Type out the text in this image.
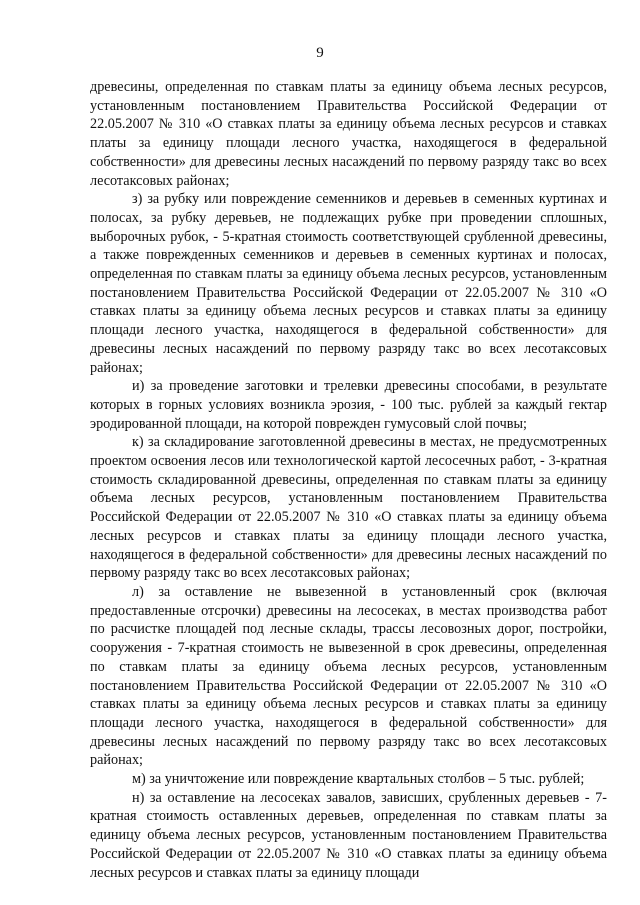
9

древесины, определенная по ставкам платы за единицу объема лесных ресурсов, установленным постановлением Правительства Российской Федерации от 22.05.2007 № 310 «О ставках платы за единицу объема лесных ресурсов и ставках платы за единицу площади лесного участка, находящегося в федеральной собственности» для древесины лесных насаждений по первому разряду такс во всех лесотаксовых районах;

з) за рубку или повреждение семенников и деревьев в семенных куртинах и полосах, за рубку деревьев, не подлежащих рубке при проведении сплошных, выборочных рубок, - 5-кратная стоимость соответствующей срубленной древесины, а также поврежденных семенников и деревьев в семенных куртинах и полосах, определенная по ставкам платы за единицу объема лесных ресурсов, установленным постановлением Правительства Российской Федерации от 22.05.2007 № 310 «О ставках платы за единицу объема лесных ресурсов и ставках платы за единицу площади лесного участка, находящегося в федеральной собственности» для древесины лесных насаждений по первому разряду такс во всех лесотаксовых районах;

и) за проведение заготовки и трелевки древесины способами, в результате которых в горных условиях возникла эрозия, - 100 тыс. рублей за каждый гектар эродированной площади, на которой поврежден гумусовый слой почвы;

к) за складирование заготовленной древесины в местах, не предусмотренных проектом освоения лесов или технологической картой лесосечных работ, - 3-кратная стоимость складированной древесины, определенная по ставкам платы за единицу объема лесных ресурсов, установленным постановлением Правительства Российской Федерации от 22.05.2007 № 310 «О ставках платы за единицу объема лесных ресурсов и ставках платы за единицу площади лесного участка, находящегося в федеральной собственности» для древесины лесных насаждений по первому разряду такс во всех лесотаксовых районах;

л) за оставление не вывезенной в установленный срок (включая предоставленные отсрочки) древесины на лесосеках, в местах производства работ по расчистке площадей под лесные склады, трассы лесовозных дорог, постройки, сооружения - 7-кратная стоимость не вывезенной в срок древесины, определенная по ставкам платы за единицу объема лесных ресурсов, установленным постановлением Правительства Российской Федерации от 22.05.2007 № 310 «О ставках платы за единицу объема лесных ресурсов и ставках платы за единицу площади лесного участка, находящегося в федеральной собственности» для древесины лесных насаждений по первому разряду такс во всех лесотаксовых районах;

м) за уничтожение или повреждение квартальных столбов – 5 тыс. рублей;

н) за оставление на лесосеках завалов, зависших, срубленных деревьев - 7-кратная стоимость оставленных деревьев, определенная по ставкам платы за единицу объема лесных ресурсов, установленным постановлением Правительства Российской Федерации от 22.05.2007 № 310 «О ставках платы за единицу объема лесных ресурсов и ставках платы за единицу площади
